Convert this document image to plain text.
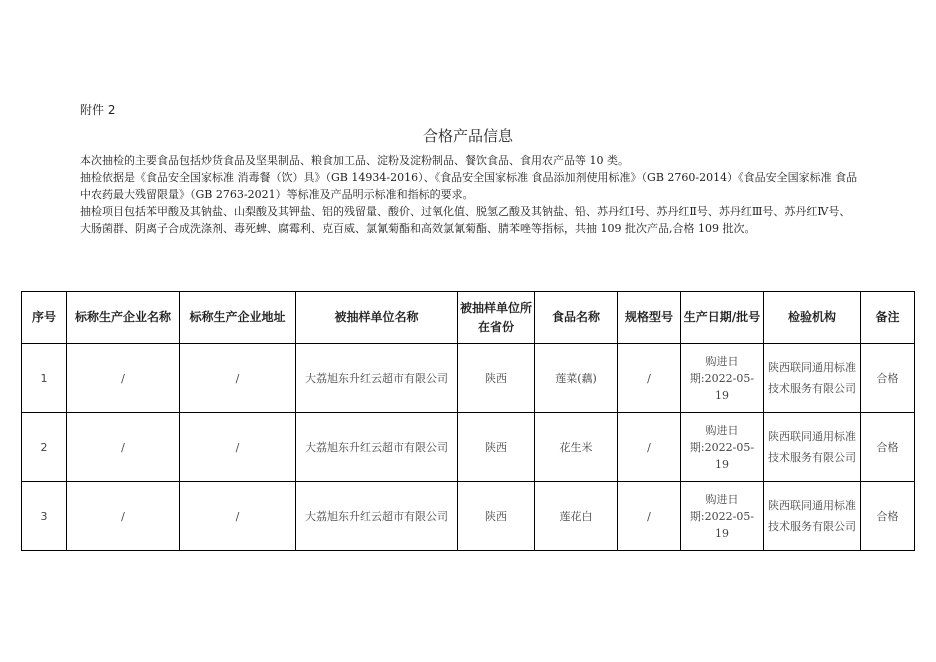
附件 2
合格产品信息

本次抽检的主要食品包括炒货食品及坚果制品、粮食加工品、淀粉及淀粉制品、餐饮食品、食用农产品等 10 类。

抽检依据是《食品安全国家标准 消毒餐（饮）具》（GB 14934-2016）、《食品安全国家标准 食品添加剂使用标准》（GB 2760-2014）《食品安全国家标准 食品中农药最大残留限量》（GB 2763-2021）等标准及产品明示标准和指标的要求。

抽检项目包括苯甲酸及其钠盐、山梨酸及其钾盐、铝的残留量、酸价、过氧化值、脱氢乙酸及其钠盐、铅、苏丹红Ⅰ号、苏丹红Ⅱ号、苏丹红Ⅲ号、苏丹红Ⅳ号、大肠菌群、阴离子合成洗涤剂、毒死蜱、腐霉利、克百威、氯氰菊酯和高效氯氰菊酯、腈苯唑等指标，共抽 109 批次产品,合格 109 批次。

序号	标称生产企业名称	标称生产企业地址	被抽样单位名称	被抽样单位所在省份	食品名称	规格型号	生产日期/批号	检验机构	备注
1	/	/	大荔旭东升红云超市有限公司	陕西	莲菜(藕)	/	购进日期:2022-05-19	陕西联同通用标准技术服务有限公司	合格
2	/	/	大荔旭东升红云超市有限公司	陕西	花生米	/	购进日期:2022-05-19	陕西联同通用标准技术服务有限公司	合格
3	/	/	大荔旭东升红云超市有限公司	陕西	莲花白	/	购进日期:2022-05-19	陕西联同通用标准技术服务有限公司	合格
